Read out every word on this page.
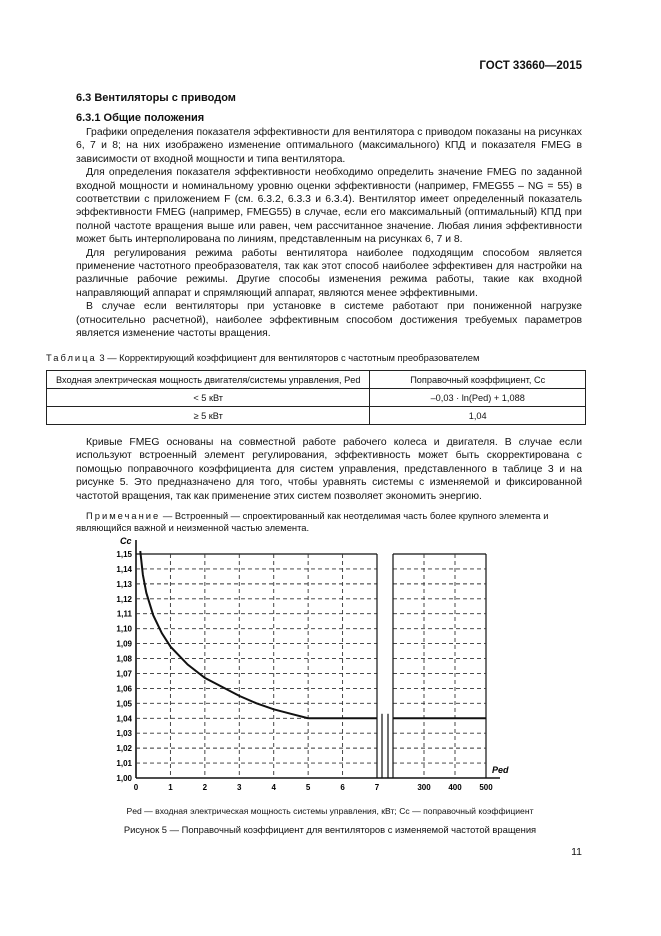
ГОСТ 33660—2015
6.3 Вентиляторы с приводом
6.3.1 Общие положения

Графики определения показателя эффективности для вентилятора с приводом показаны на рисунках 6, 7 и 8; на них изображено изменение оптимального (максимального) КПД и показателя FMEG в зависимости от входной мощности и типа вентилятора.

Для определения показателя эффективности необходимо определить значение FMEG по заданной входной мощности и номинальному уровню оценки эффективности (например, FMEG55 – NG = 55) в соответствии с приложением F (см. 6.3.2, 6.3.3 и 6.3.4). Вентилятор имеет определенный показатель эффективности FMEG (например, FMEG55) в случае, если его максимальный (оптимальный) КПД при полной частоте вращения выше или равен, чем рассчитанное значение. Любая линия эффективности может быть интерполирована по линиям, представленным на рисунках 6, 7 и 8.

Для регулирования режима работы вентилятора наиболее подходящим способом является применение частотного преобразователя, так как этот способ наиболее эффективен для настройки на различные рабочие режимы. Другие способы изменения режима работы, такие как входной направляющий аппарат и спрямляющий аппарат, являются менее эффективными.

В случае если вентиляторы при установке в системе работают при пониженной нагрузке (относительно расчетной), наиболее эффективным способом достижения требуемых параметров является изменение частоты вращения.

Таблица 3 — Корректирующий коэффициент для вентиляторов с частотным преобразователем
Входная электрическая мощность двигателя/системы управления, Ped	Поправочный коэффициент, Cc
< 5 кВт	–0,03 · ln(Ped) + 1,088
≥ 5 кВт	1,04

Кривые FMEG основаны на совместной работе рабочего колеса и двигателя. В случае если используют встроенный элемент регулирования, эффективность может быть скорректирована с помощью поправочного коэффициента для систем управления, представленного в таблице 3 и на рисунке 5. Это предназначено для того, чтобы уравнять системы с изменяемой и фиксированной частотой вращения, так как применение этих систем позволяет экономить энергию.

Примечание — Встроенный — спроектированный как неотделимая часть более крупного элемента и являющийся важной и неизменной частью элемента.
1,00
1,01
1,02
1,03
1,04
1,05
1,06
1,07
1,08
1,09
1,10
1,11
1,12
1,13
1,14
1,15
0	1	2	3	4	5	6	7	300 400 500
Cc
Ped
Ped — входная электрическая мощность системы управления, кВт; Cc — поправочный коэффициент
Рисунок 5 — Поправочный коэффициент для вентиляторов с изменяемой частотой вращения
11
